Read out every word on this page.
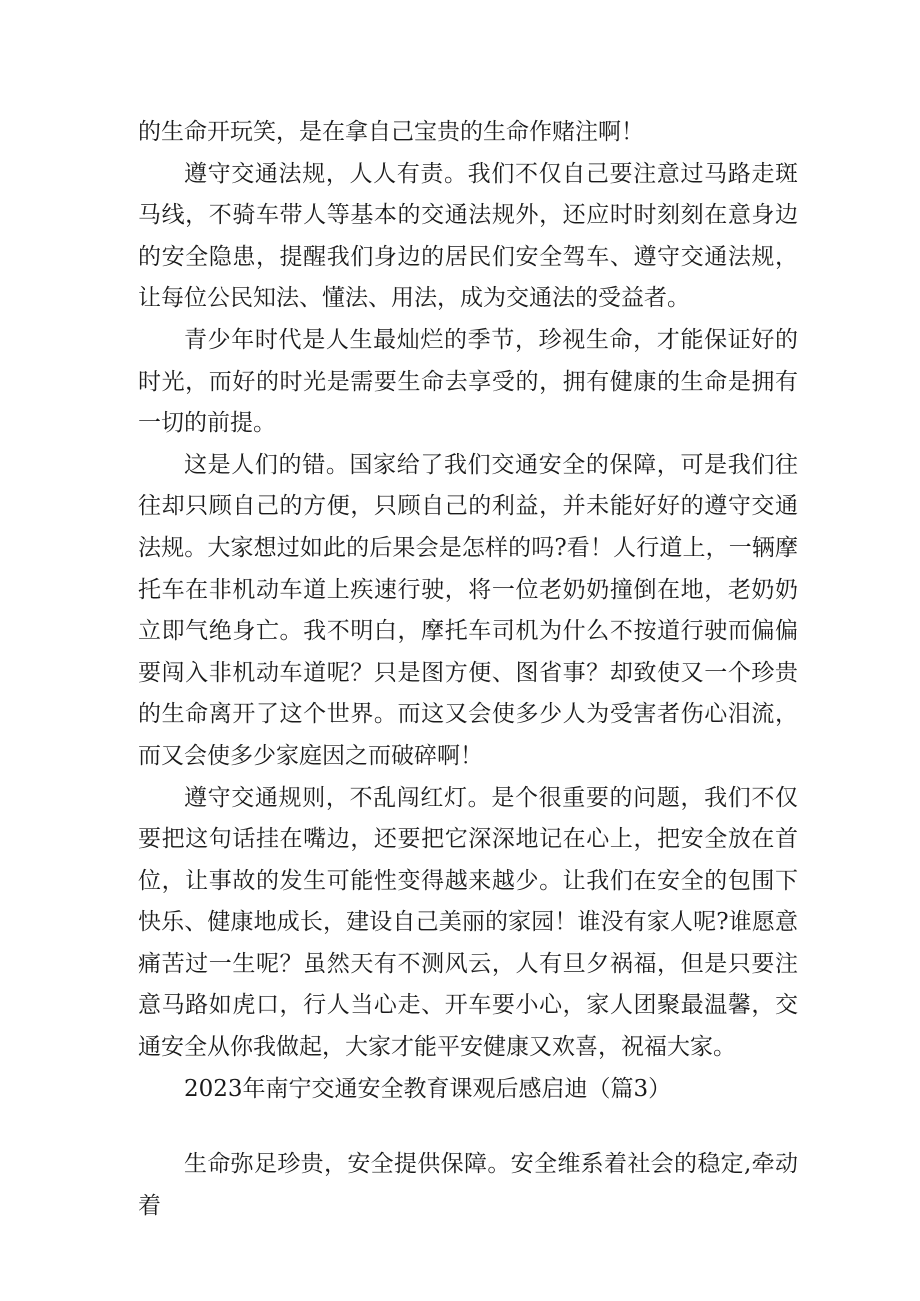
的生命开玩笑，是在拿自己宝贵的生命作赌注啊！

遵守交通法规，人人有责。我们不仅自己要注意过马路走斑马线，不骑车带人等基本的交通法规外，还应时时刻刻在意身边的安全隐患，提醒我们身边的居民们安全驾车、遵守交通法规，让每位公民知法、懂法、用法，成为交通法的受益者。

青少年时代是人生最灿烂的季节，珍视生命，才能保证好的时光，而好的时光是需要生命去享受的，拥有健康的生命是拥有一切的前提。

这是人们的错。国家给了我们交通安全的保障，可是我们往往却只顾自己的方便，只顾自己的利益，并未能好好的遵守交通法规。大家想过如此的后果会是怎样的吗?看！人行道上，一辆摩托车在非机动车道上疾速行驶，将一位老奶奶撞倒在地，老奶奶立即气绝身亡。我不明白，摩托车司机为什么不按道行驶而偏偏要闯入非机动车道呢？只是图方便、图省事？却致使又一个珍贵的生命离开了这个世界。而这又会使多少人为受害者伤心泪流，而又会使多少家庭因之而破碎啊！

遵守交通规则，不乱闯红灯。是个很重要的问题，我们不仅要把这句话挂在嘴边，还要把它深深地记在心上，把安全放在首位，让事故的发生可能性变得越来越少。让我们在安全的包围下快乐、健康地成长，建设自己美丽的家园！谁没有家人呢?谁愿意痛苦过一生呢？虽然天有不测风云，人有旦夕祸福，但是只要注意马路如虎口，行人当心走、开车要小心，家人团聚最温馨，交通安全从你我做起，大家才能平安健康又欢喜，祝福大家。

2023年南宁交通安全教育课观后感启迪（篇3）

生命弥足珍贵，安全提供保障。安全维系着社会的稳定,牵动着
